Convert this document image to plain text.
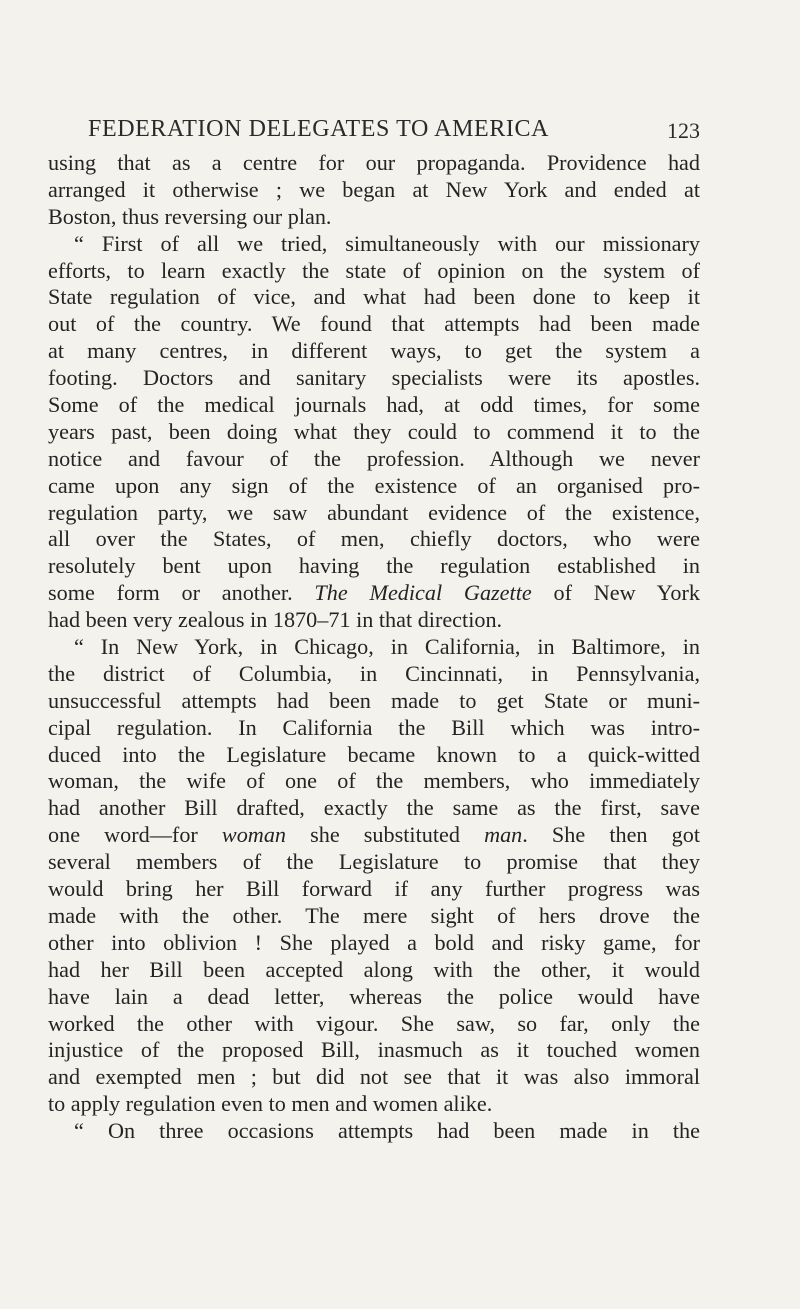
FEDERATION DELEGATES TO AMERICA	123
using that as a centre for our propaganda. Providence had
arranged it otherwise ; we began at New York and ended at
Boston, thus reversing our plan.
“ First of all we tried, simultaneously with our missionary
efforts, to learn exactly the state of opinion on the system of
State regulation of vice, and what had been done to keep it
out of the country. We found that attempts had been made
at many centres, in different ways, to get the system a
footing. Doctors and sanitary specialists were its apostles.
Some of the medical journals had, at odd times, for some
years past, been doing what they could to commend it to the
notice and favour of the profession. Although we never
came upon any sign of the existence of an organised pro-
regulation party, we saw abundant evidence of the existence,
all over the States, of men, chiefly doctors, who were
resolutely bent upon having the regulation established in
some form or another. The Medical Gazette of New York
had been very zealous in 1870–71 in that direction.
“ In New York, in Chicago, in California, in Baltimore, in
the district of Columbia, in Cincinnati, in Pennsylvania,
unsuccessful attempts had been made to get State or muni-
cipal regulation. In California the Bill which was intro-
duced into the Legislature became known to a quick-witted
woman, the wife of one of the members, who immediately
had another Bill drafted, exactly the same as the first, save
one word—for woman she substituted man. She then got
several members of the Legislature to promise that they
would bring her Bill forward if any further progress was
made with the other. The mere sight of hers drove the
other into oblivion ! She played a bold and risky game, for
had her Bill been accepted along with the other, it would
have lain a dead letter, whereas the police would have
worked the other with vigour. She saw, so far, only the
injustice of the proposed Bill, inasmuch as it touched women
and exempted men ; but did not see that it was also immoral
to apply regulation even to men and women alike.
“ On three occasions attempts had been made in the
